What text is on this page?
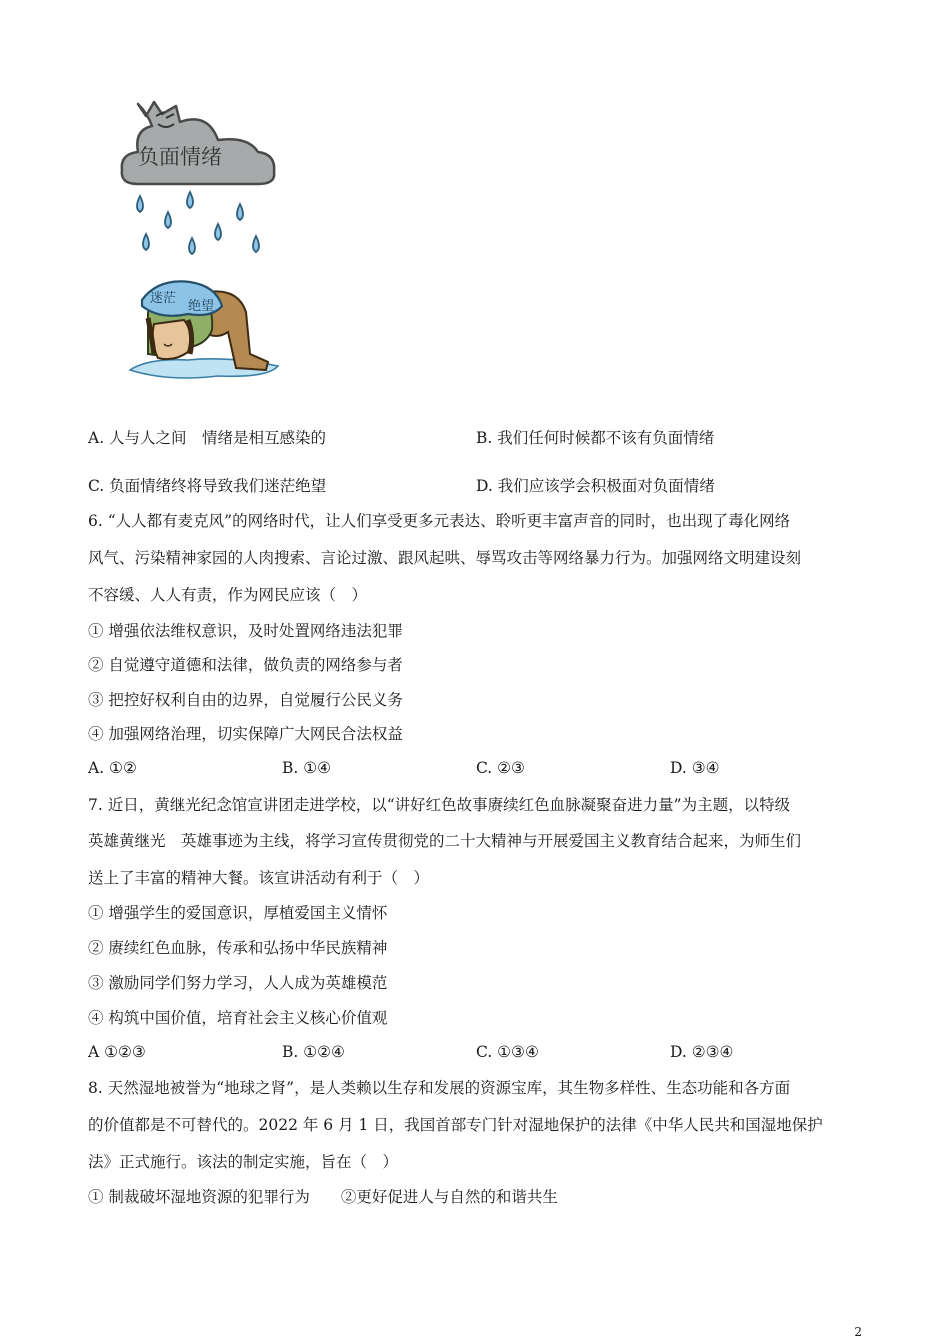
负面情绪
迷茫
绝望
A. 人与人之间　情绪是相互感染的	B. 我们任何时候都不该有负面情绪
C. 负面情绪终将导致我们迷茫绝望	D. 我们应该学会积极面对负面情绪
6. “人人都有麦克风”的网络时代，让人们享受更多元表达、聆听更丰富声音的同时，也出现了毒化网络
风气、污染精神家园的人肉搜索、言论过激、跟风起哄、辱骂攻击等网络暴力行为。加强网络文明建设刻
不容缓、人人有责，作为网民应该（　）
① 增强依法维权意识，及时处置网络违法犯罪
② 自觉遵守道德和法律，做负责的网络参与者
③ 把控好权利自由的边界，自觉履行公民义务
④ 加强网络治理，切实保障广大网民合法权益
A. ①②	B. ①④	C. ②③	D. ③④
7. 近日，黄继光纪念馆宣讲团走进学校，以“讲好红色故事赓续红色血脉凝聚奋进力量”为主题，以特级
英雄黄继光　英雄事迹为主线，将学习宣传贯彻党的二十大精神与开展爱国主义教育结合起来，为师生们
送上了丰富的精神大餐。该宣讲活动有利于（　）
① 增强学生的爱国意识，厚植爱国主义情怀
② 赓续红色血脉，传承和弘扬中华民族精神
③ 激励同学们努力学习，人人成为英雄模范
④ 构筑中国价值，培育社会主义核心价值观
A ①②③	B. ①②④	C. ①③④	D. ②③④
8. 天然湿地被誉为“地球之肾”，是人类赖以生存和发展的资源宝库，其生物多样性、生态功能和各方面
的价值都是不可替代的。2022 年 6 月 1 日，我国首部专门针对湿地保护的法律《中华人民共和国湿地保护
法》正式施行。该法的制定实施，旨在（　）
① 制裁破坏湿地资源的犯罪行为　　②更好促进人与自然的和谐共生
2
